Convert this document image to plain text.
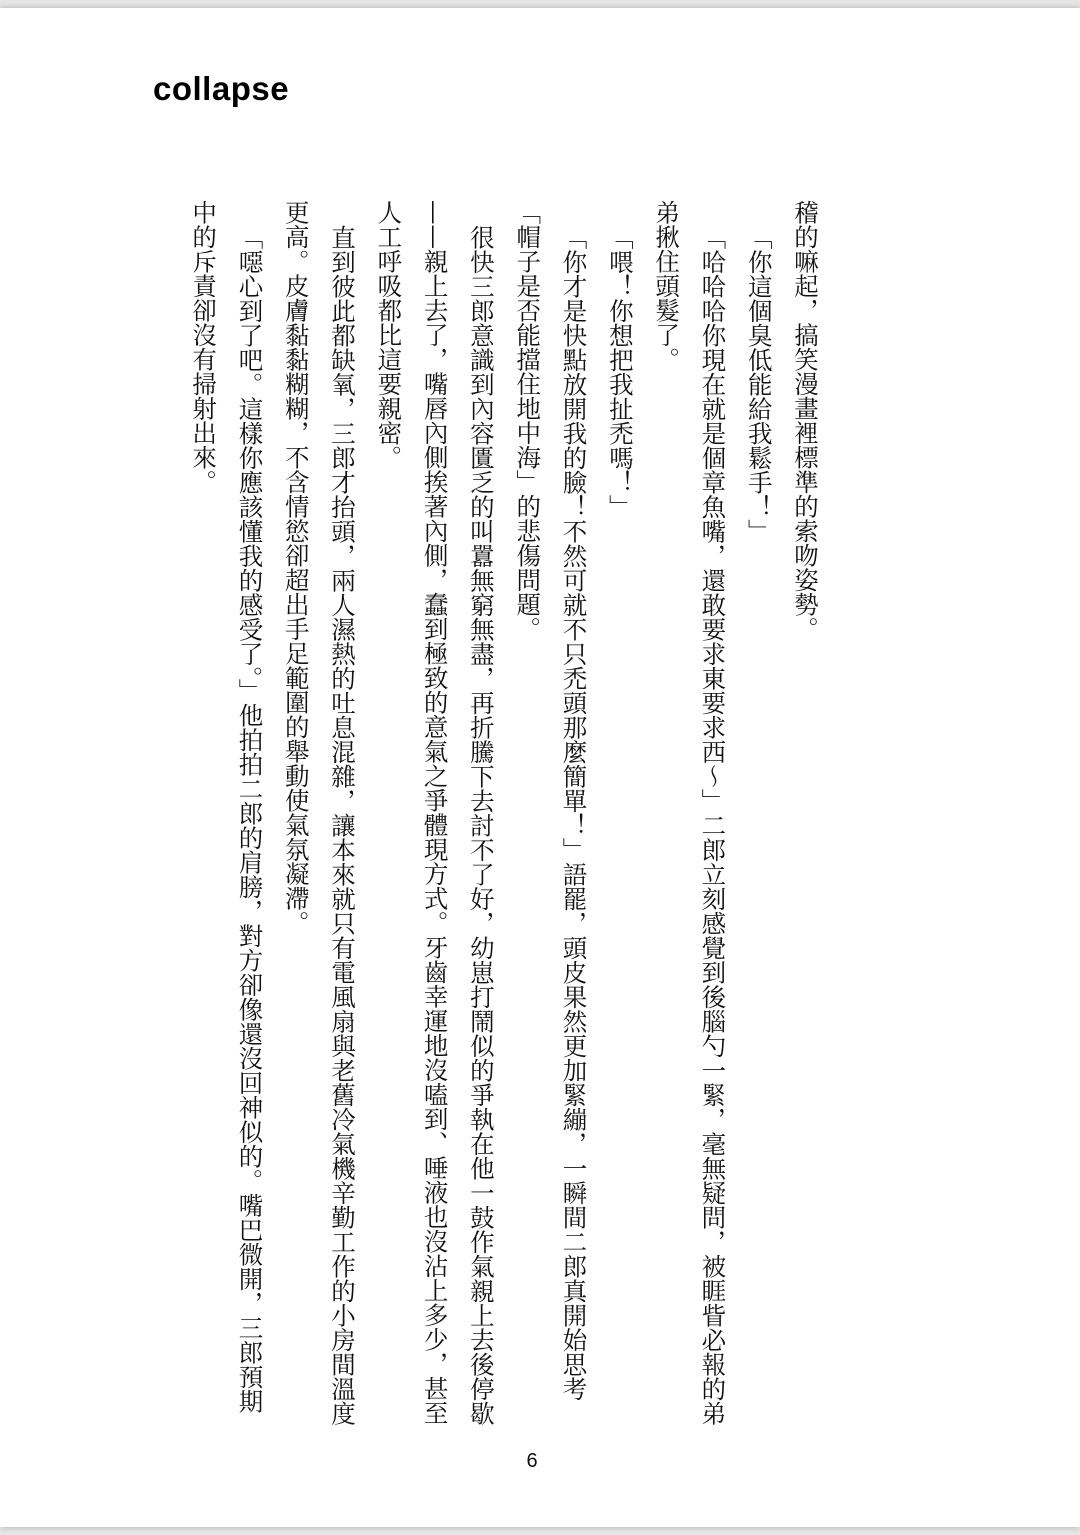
collapse

稽的嘛起，搞笑漫畫裡標準的索吻姿勢。

「你這個臭低能給我鬆手！」

「哈哈哈你現在就是個章魚嘴，還敢要求東要求西～」二郎立刻感覺到後腦勺一緊，毫無疑問，被睚眥必報的弟弟揪住頭髮了。

「喂！你想把我扯禿嗎！」

「你才是快點放開我的臉！不然可就不只禿頭那麼簡單！」語罷，頭皮果然更加緊繃，一瞬間二郎真開始思考「帽子是否能擋住地中海」的悲傷問題。

很快三郎意識到內容匱乏的叫囂無窮無盡，再折騰下去討不了好，幼崽打鬧似的爭執在他一鼓作氣親上去後停歇——親上去了，嘴唇內側挨著內側，蠢到極致的意氣之爭體現方式。牙齒幸運地沒嗑到、唾液也沒沾上多少，甚至人工呼吸都比這要親密。

直到彼此都缺氧，三郎才抬頭，兩人濕熱的吐息混雜，讓本來就只有電風扇與老舊冷氣機辛勤工作的小房間溫度更高。皮膚黏黏糊糊，不含情慾卻超出手足範圍的舉動使氣氛凝滯。

「噁心到了吧。這樣你應該懂我的感受了。」他拍拍二郎的肩膀，對方卻像還沒回神似的。嘴巴微開，三郎預期中的斥責卻沒有掃射出來。

6
